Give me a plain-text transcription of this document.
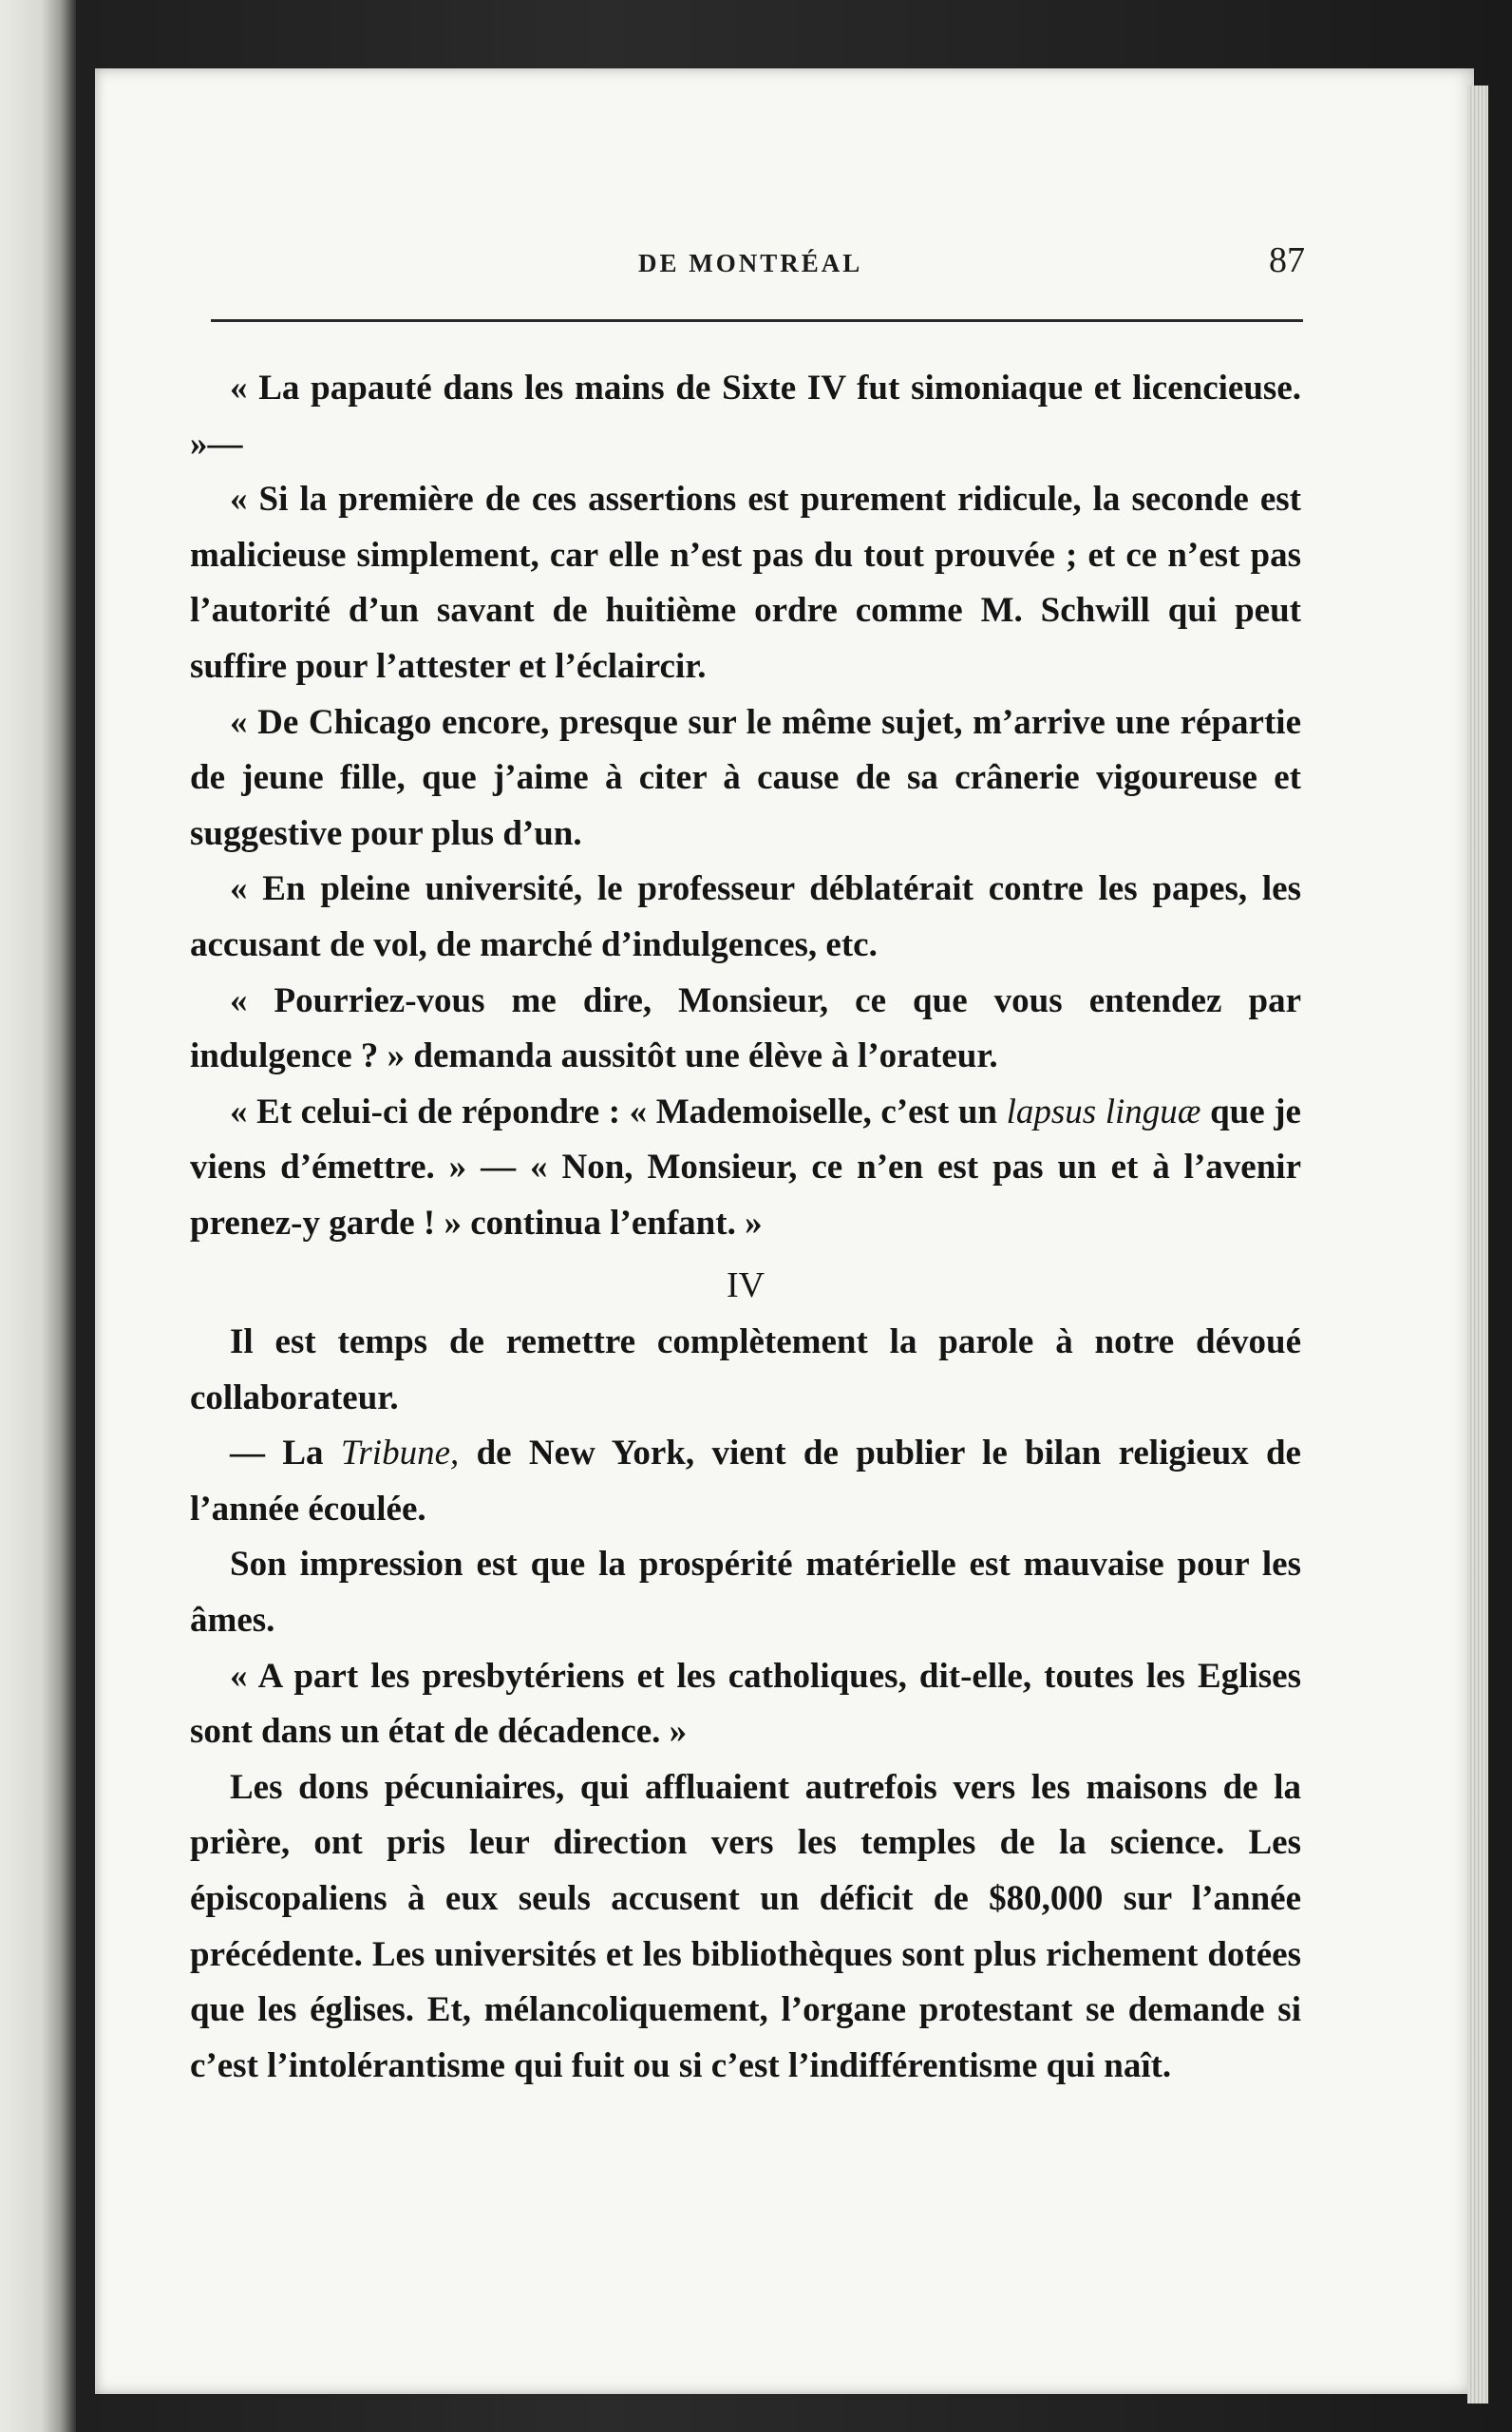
DE MONTRÉAL	87

« La papauté dans les mains de Sixte IV fut simoniaque et licencieuse. »—

« Si la première de ces assertions est purement ridicule, la seconde est malicieuse simplement, car elle n’est pas du tout prouvée ; et ce n’est pas l’autorité d’un savant de huitième ordre comme M. Schwill qui peut suffire pour l’attester et l’éclaircir.

« De Chicago encore, presque sur le même sujet, m’arrive une répartie de jeune fille, que j’aime à citer à cause de sa crânerie vigoureuse et suggestive pour plus d’un.

« En pleine université, le professeur déblatérait contre les papes, les accusant de vol, de marché d’indulgences, etc.

« Pourriez-vous me dire, Monsieur, ce que vous entendez par indulgence ? » demanda aussitôt une élève à l’orateur.

« Et celui-ci de répondre : « Mademoiselle, c’est un lapsus linguæ que je viens d’émettre. » — « Non, Monsieur, ce n’en est pas un et à l’avenir prenez-y garde ! » continua l’enfant. »

IV

Il est temps de remettre complètement la parole à notre dévoué collaborateur.

— La Tribune, de New York, vient de publier le bilan religieux de l’année écoulée.

Son impression est que la prospérité matérielle est mauvaise pour les âmes.

« A part les presbytériens et les catholiques, dit-elle, toutes les Eglises sont dans un état de décadence. »

Les dons pécuniaires, qui affluaient autrefois vers les maisons de la prière, ont pris leur direction vers les temples de la science. Les épiscopaliens à eux seuls accusent un déficit de $80,000 sur l’année précédente. Les universités et les bibliothèques sont plus richement dotées que les églises. Et, mélancoliquement, l’organe protestant se demande si c’est l’intolérantisme qui fuit ou si c’est l’indifférentisme qui naît.
